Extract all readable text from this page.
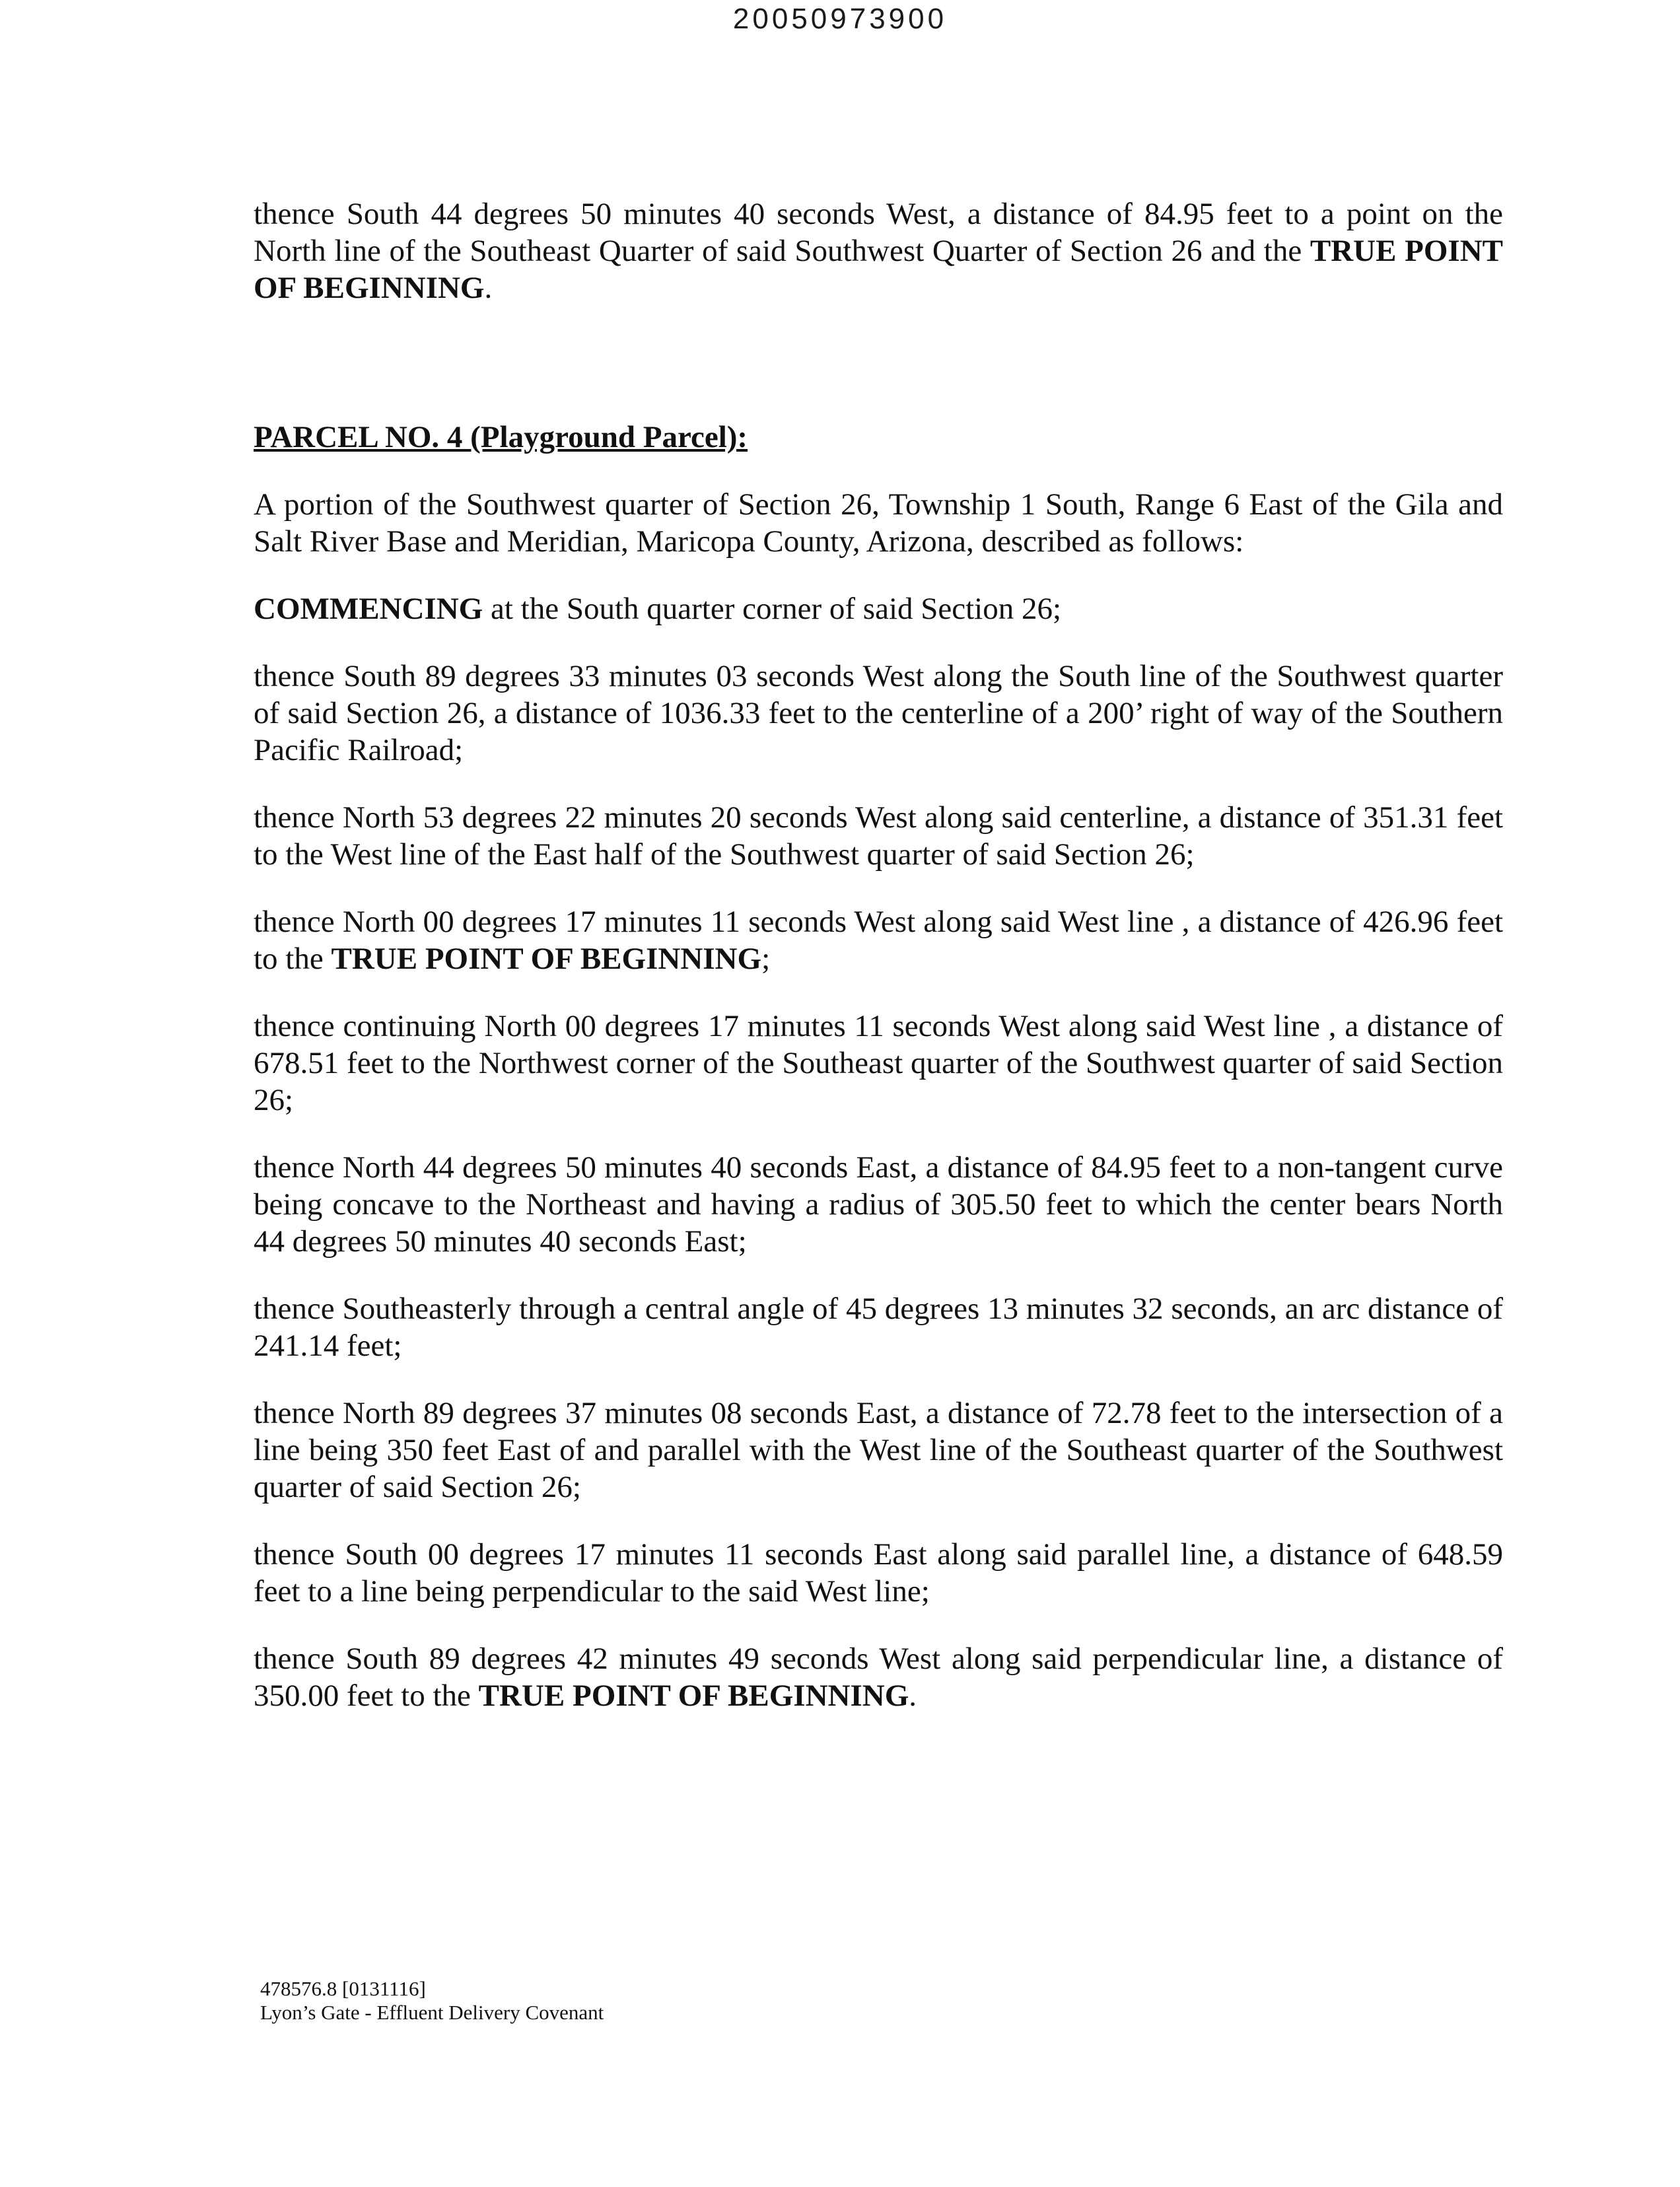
20050973900

thence South 44 degrees 50 minutes 40 seconds West, a distance of 84.95 feet to a point on the North line of the Southeast Quarter of said Southwest Quarter of Section 26 and the TRUE POINT OF BEGINNING.

PARCEL NO. 4 (Playground Parcel):

A portion of the Southwest quarter of Section 26, Township 1 South, Range 6 East of the Gila and Salt River Base and Meridian, Maricopa County, Arizona, described as follows:

COMMENCING at the South quarter corner of said Section 26;

thence South 89 degrees 33 minutes 03 seconds West along the South line of the Southwest quarter of said Section 26, a distance of 1036.33 feet to the centerline of a 200’ right of way of the Southern Pacific Railroad;

thence North 53 degrees 22 minutes 20 seconds West along said centerline, a distance of 351.31 feet to the West line of the East half of the Southwest quarter of said Section 26;

thence North 00 degrees 17 minutes 11 seconds West along said West line , a distance of 426.96 feet to the TRUE POINT OF BEGINNING;

thence continuing North 00 degrees 17 minutes 11 seconds West along said West line , a distance of 678.51 feet to the Northwest corner of the Southeast quarter of the Southwest quarter of said Section 26;

thence North 44 degrees 50 minutes 40 seconds East, a distance of 84.95 feet to a non-tangent curve being concave to the Northeast and having a radius of 305.50 feet to which the center bears North 44 degrees 50 minutes 40 seconds East;

thence Southeasterly through a central angle of 45 degrees 13 minutes 32 seconds, an arc distance of 241.14 feet;

thence North 89 degrees 37 minutes 08 seconds East, a distance of 72.78 feet to the intersection of a line being 350 feet East of and parallel with the West line of the Southeast quarter of the Southwest quarter of said Section 26;

thence South 00 degrees 17 minutes 11 seconds East along said parallel line, a distance of 648.59 feet to a line being perpendicular to the said West line;

thence South 89 degrees 42 minutes 49 seconds West along said perpendicular line, a distance of 350.00 feet to the TRUE POINT OF BEGINNING.

478576.8 [0131116]
Lyon’s Gate - Effluent Delivery Covenant
